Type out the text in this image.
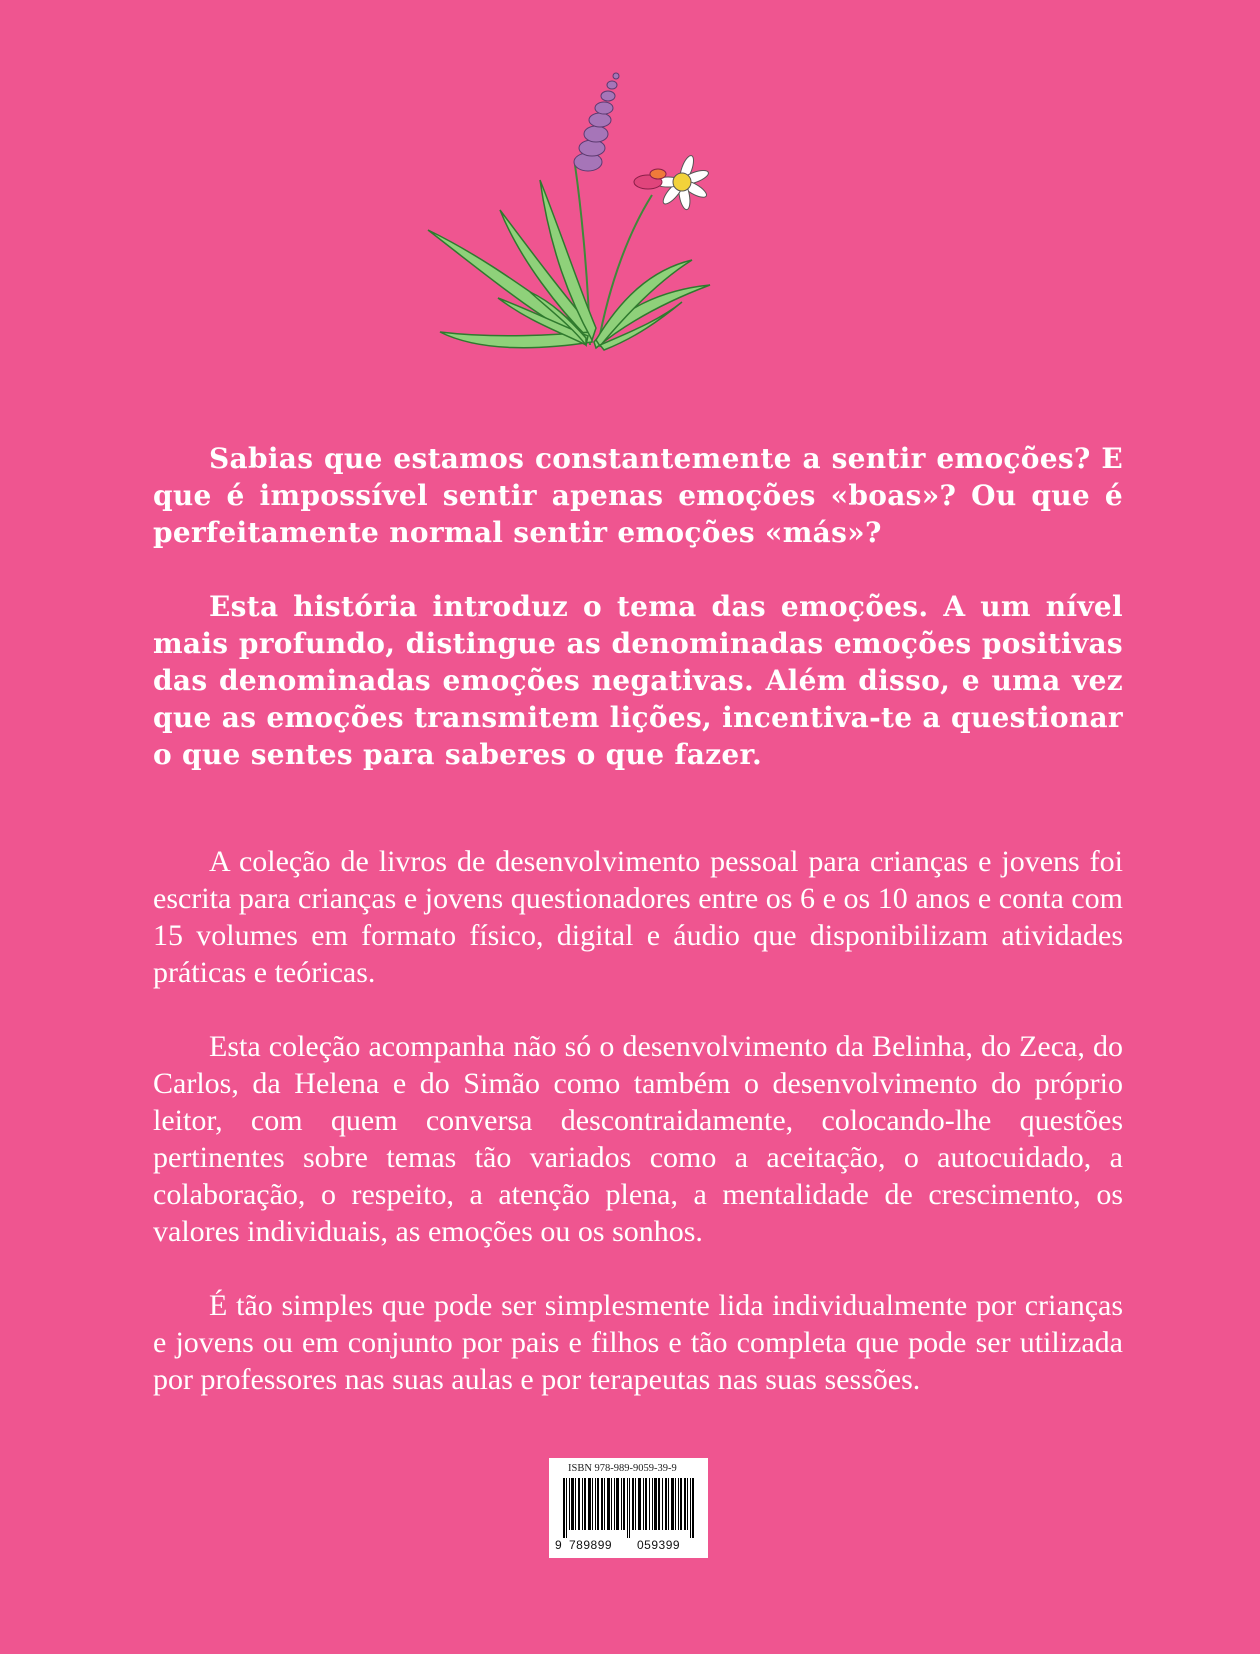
Sabias que estamos constantemente a sentir emoções? E que é impossível sentir apenas emoções «boas»? Ou que é perfeitamente normal sentir emoções «más»?

Esta história introduz o tema das emoções. A um nível mais profundo, distingue as denominadas emoções positivas das denominadas emoções negativas. Além disso, e uma vez que as emoções transmitem lições, incentiva-te a questionar o que sentes para saberes o que fazer.

A coleção de livros de desenvolvimento pessoal para crianças e jovens foi escrita para crianças e jovens questionadores entre os 6 e os 10 anos e conta com 15 volumes em formato físico, digital e áudio que disponibilizam atividades práticas e teóricas.

Esta coleção acompanha não só o desenvolvimento da Belinha, do Zeca, do Carlos, da Helena e do Simão como também o desenvolvimento do próprio leitor, com quem conversa descontraidamente, colocando-lhe questões pertinentes sobre temas tão variados como a aceitação, o autocuidado, a colaboração, o respeito, a atenção plena, a mentalidade de crescimento, os valores individuais, as emoções ou os sonhos.

É tão simples que pode ser simplesmente lida individualmente por crianças e jovens ou em conjunto por pais e filhos e tão completa que pode ser utilizada por professores nas suas aulas e por terapeutas nas suas sessões.

ISBN 978-989-9059-39-9
9 789899 059399
